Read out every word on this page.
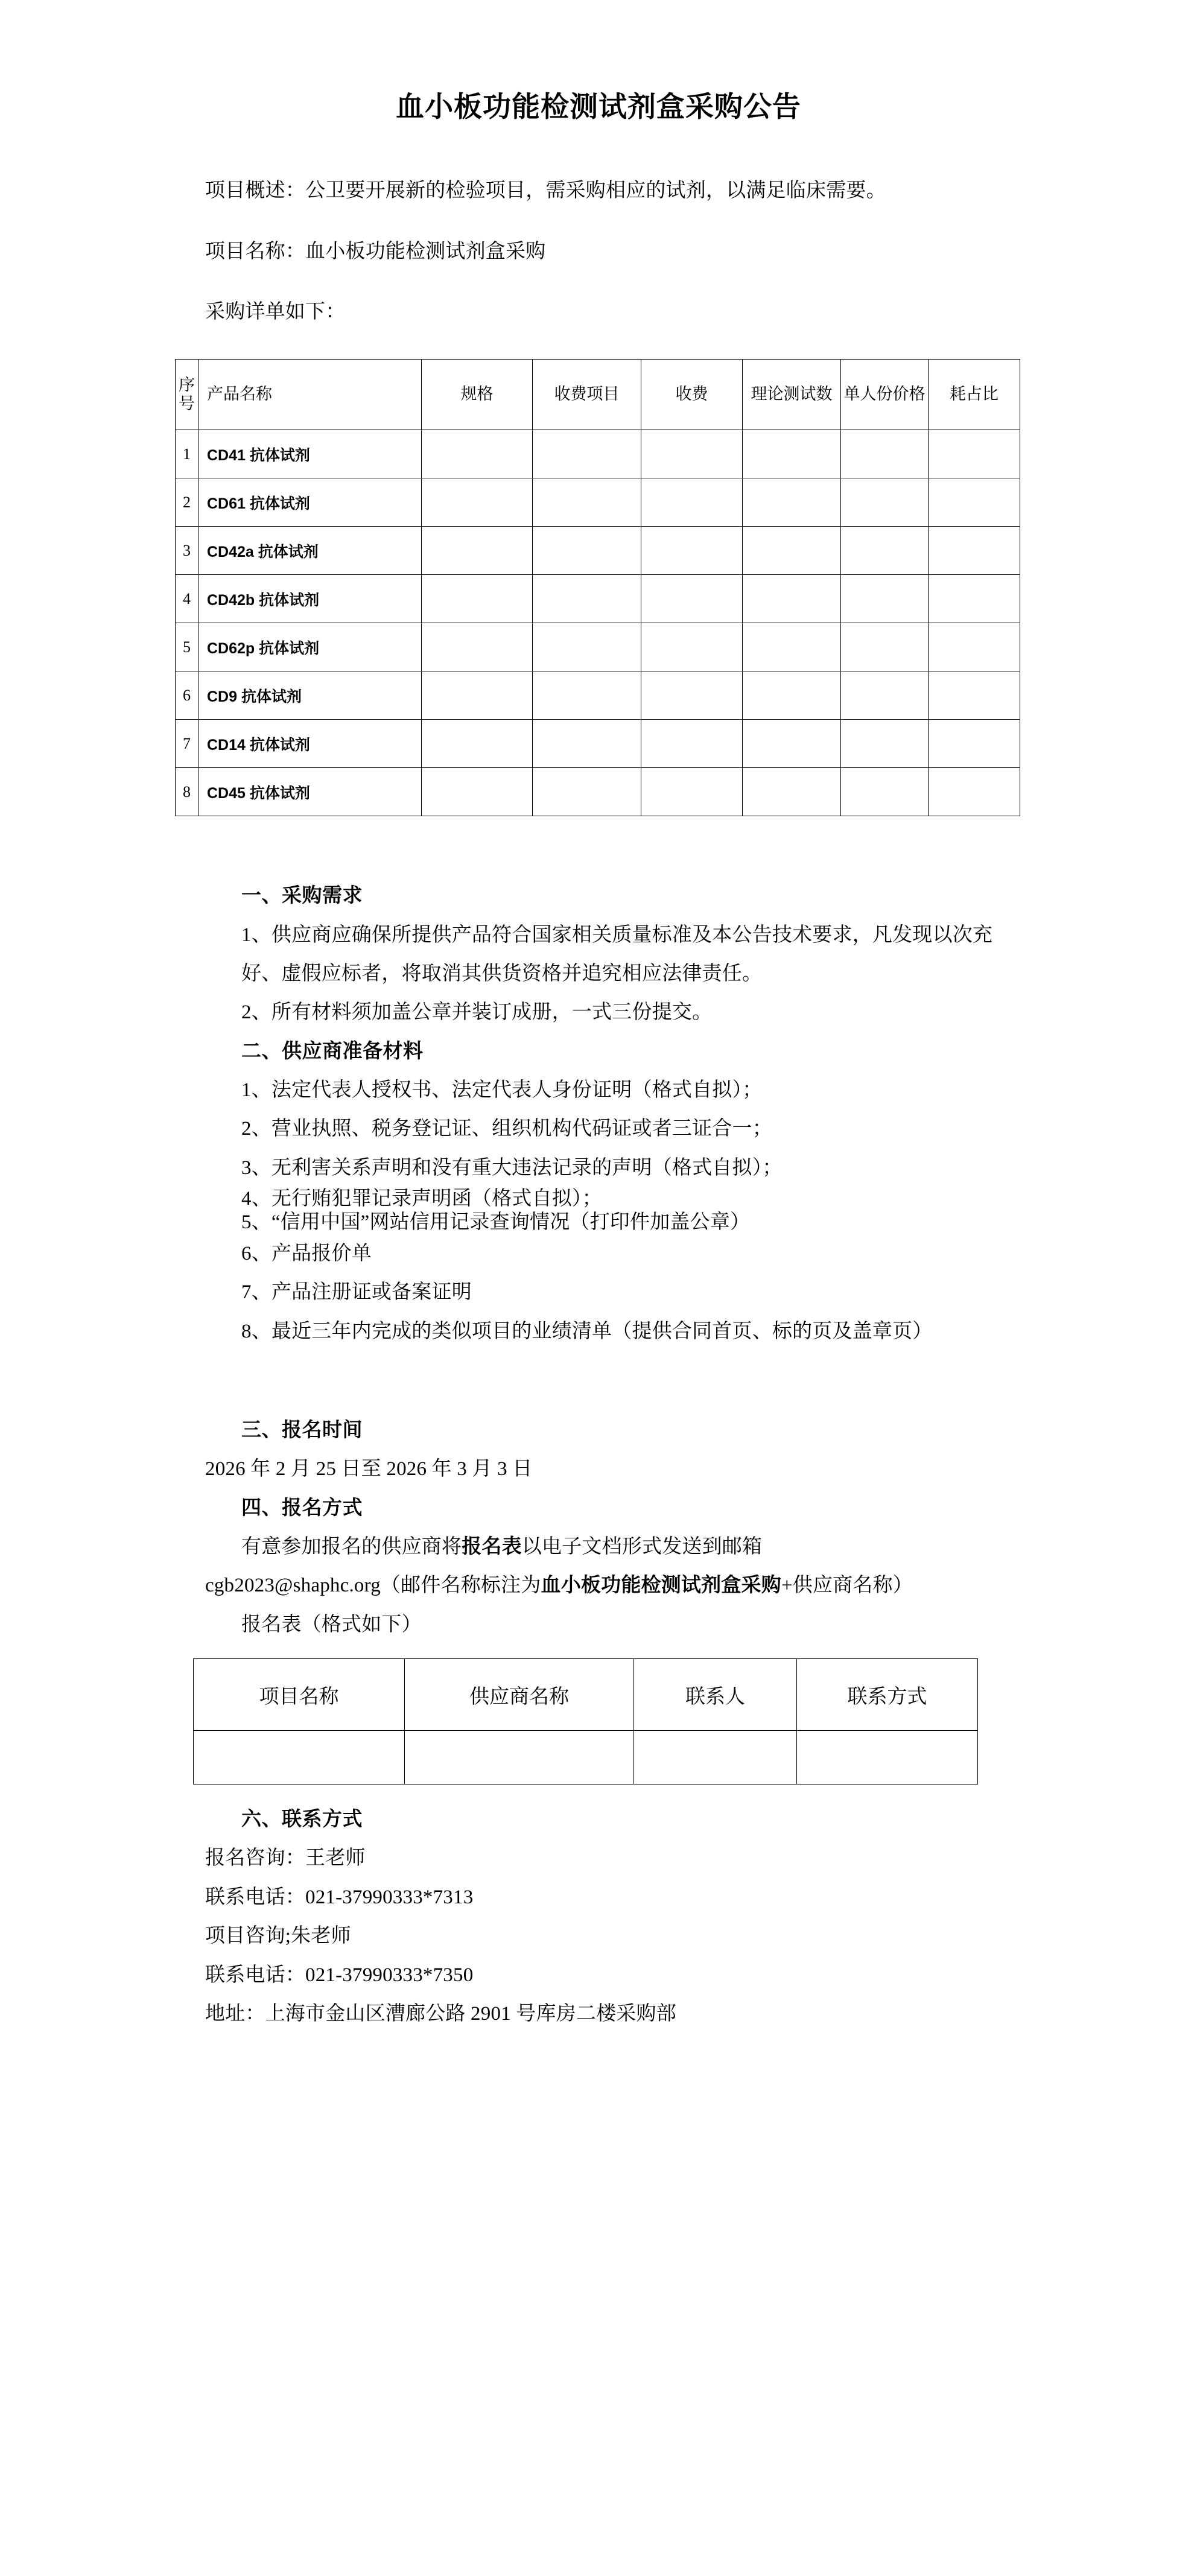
血小板功能检测试剂盒采购公告

项目概述：公卫要开展新的检验项目，需采购相应的试剂，以满足临床需要。

项目名称：血小板功能检测试剂盒采购

采购详单如下：

序号	产品名称	规格	收费项目	收费	理论测试数	单人份价格	耗占比
1	CD41 抗体试剂						
2	CD61 抗体试剂						
3	CD42a 抗体试剂						
4	CD42b 抗体试剂						
5	CD62p 抗体试剂						
6	CD9 抗体试剂						
7	CD14 抗体试剂						
8	CD45 抗体试剂						

一、采购需求

1、供应商应确保所提供产品符合国家相关质量标准及本公告技术要求，凡发现以次充好、虚假应标者，将取消其供货资格并追究相应法律责任。

2、所有材料须加盖公章并装订成册，一式三份提交。

二、供应商准备材料

1、法定代表人授权书、法定代表人身份证明（格式自拟）；

2、营业执照、税务登记证、组织机构代码证或者三证合一；

3、无利害关系声明和没有重大违法记录的声明（格式自拟）；

4、无行贿犯罪记录声明函（格式自拟）；

5、“信用中国”网站信用记录查询情况（打印件加盖公章）

6、产品报价单

7、产品注册证或备案证明

8、最近三年内完成的类似项目的业绩清单（提供合同首页、标的页及盖章页）

三、报名时间

2026 年 2 月 25 日至 2026 年 3 月 3 日

四、报名方式

有意参加报名的供应商将报名表以电子文档形式发送到邮箱

cgb2023@shaphc.org（邮件名称标注为血小板功能检测试剂盒采购+供应商名称）

报名表（格式如下）

项目名称	供应商名称	联系人	联系方式

六、联系方式

报名咨询：王老师

联系电话：021-37990333*7313

项目咨询;朱老师

联系电话：021-37990333*7350

地址：上海市金山区漕廊公路 2901 号库房二楼采购部
